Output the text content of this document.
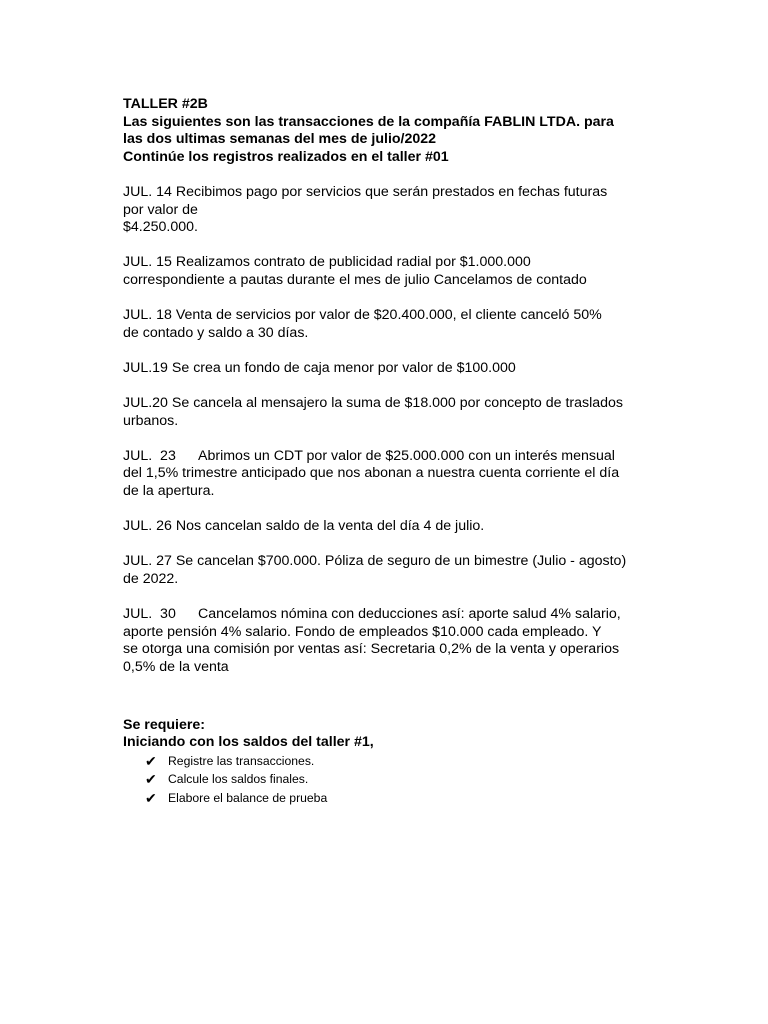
TALLER #2B
Las siguientes son las transacciones de la compañía FABLIN LTDA. para
las dos ultimas semanas del mes de julio/2022
Continúe los registros realizados en el taller #01
JUL. 14 Recibimos pago por servicios que serán prestados en fechas futuras
por valor de
$4.250.000.
JUL. 15 Realizamos contrato de publicidad radial por $1.000.000
correspondiente a pautas durante el mes de julio Cancelamos de contado
JUL. 18 Venta de servicios por valor de $20.400.000, el cliente canceló 50%
de contado y saldo a 30 días.
JUL.19 Se crea un fondo de caja menor por valor de $100.000
JUL.20 Se cancela al mensajero la suma de $18.000 por concepto de traslados
urbanos.
JUL.  23 Abrimos un CDT por valor de $25.000.000 con un interés mensual
del 1,5% trimestre anticipado que nos abonan a nuestra cuenta corriente el día
de la apertura.
JUL. 26 Nos cancelan saldo de la venta del día 4 de julio.
JUL. 27 Se cancelan $700.000. Póliza de seguro de un bimestre (Julio - agosto)
de 2022.
JUL.  30 Cancelamos nómina con deducciones así: aporte salud 4% salario,
aporte pensión 4% salario. Fondo de empleados $10.000 cada empleado. Y
se otorga una comisión por ventas así: Secretaria 0,2% de la venta y operarios
0,5% de la venta
Se requiere:
Iniciando con los saldos del taller #1,
✔ Registre las transacciones.
✔ Calcule los saldos finales.
✔ Elabore el balance de prueba
